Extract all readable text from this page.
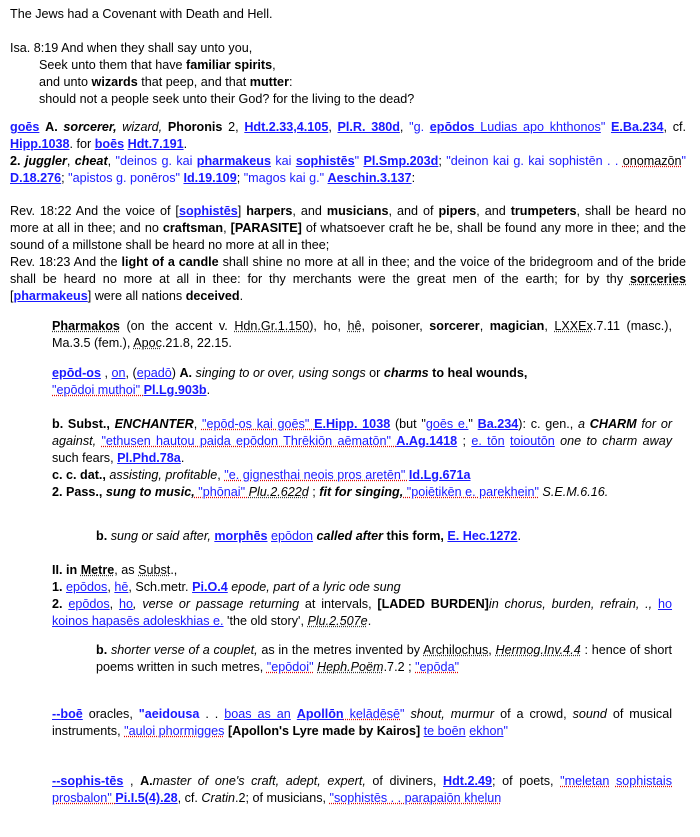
The Jews had a Covenant with Death and Hell.

Isa. 8:19 And when they shall say unto you,

Seek unto them that have familiar spirits,

and unto wizards that peep, and that mutter:

should not a people seek unto their God? for the living to the dead?

goēs A. sorcerer, wizard, Phoronis 2, Hdt.2.33,4.105, Pl.R. 380d, "g. epōdos Ludias apo khthonos" E.Ba.234, cf. Hipp.1038. for boēs Hdt.7.191.

2. juggler, cheat, "deinos g. kai pharmakeus kai sophistēs" Pl.Smp.203d; "deinon kai g. kai sophistēn . . onomazōn" D.18.276; "apistos g. ponēros" Id.19.109; "magos kai g." Aeschin.3.137:

Rev. 18:22 And the voice of [sophistēs] harpers, and musicians, and of pipers, and trumpeters, shall be heard no more at all in thee; and no craftsman, [PARASITE] of whatsoever craft he be, shall be found any more in thee; and the sound of a millstone shall be heard no more at all in thee;

Rev. 18:23 And the light of a candle shall shine no more at all in thee; and the voice of the bridegroom and of the bride shall be heard no more at all in thee: for thy merchants were the great men of the earth; for by thy sorceries [pharmakeus] were all nations deceived.

Pharmakos (on the accent v. Hdn.Gr.1.150), ho, hê, poisoner, sorcerer, magician, LXXEx.7.11 (masc.), Ma.3.5 (fem.), Apoc.21.8, 22.15.

epōd-os , on, (epadō) A. singing to or over, using songs or charms to heal wounds,
"epōdoi muthoi" Pl.Lg.903b.

b. Subst., ENCHANTER, "epōd-os kai goēs" E.Hipp. 1038 (but "goēs e." Ba.234): c. gen., a CHARM for or against, "ethusen hautou paida epōdon Thrēkiōn aēmatōn" A.Ag.1418 ; e. tōn toioutōn one to charm away such fears, Pl.Phd.78a.

c. c. dat., assisting, profitable, "e. gignesthai neois pros aretēn" Id.Lg.671a

2. Pass., sung to music, "phōnai" Plu.2.622d ; fit for singing, "poiētikēn e. parekhein" S.E.M.6.16.

b. sung or said after, morphēs epōdon called after this form, E. Hec.1272.

II. in Metre, as Subst.,

1. epōdos, hē, Sch.metr. Pi.O.4 epode, part of a lyric ode sung

2. epōdos, ho, verse or passage returning at intervals, [LADED BURDEN]in chorus, burden, refrain, ., ho koinos hapasēs adoleskhias e. 'the old story', Plu.2.507e.

b. shorter verse of a couplet, as in the metres invented by Archilochus, Hermog.Inv.4.4 : hence of short poems written in such metres, "epōdoi" Heph.Poëm.7.2 ; "epōda"

--boē oracles, "aeidousa . . boas as an Apollōn kelādēsē" shout, murmur of a crowd, sound of musical instruments, "auloi phormigges [Apollon's Lyre made by Kairos] te boēn ekhon"

--sophis-tēs , A.master of one's craft, adept, expert, of diviners, Hdt.2.49; of poets, "meletan sophistais prosbalon" Pi.I.5(4).28, cf. Cratin.2; of musicians, "sophistēs . . parapaiōn khelun
